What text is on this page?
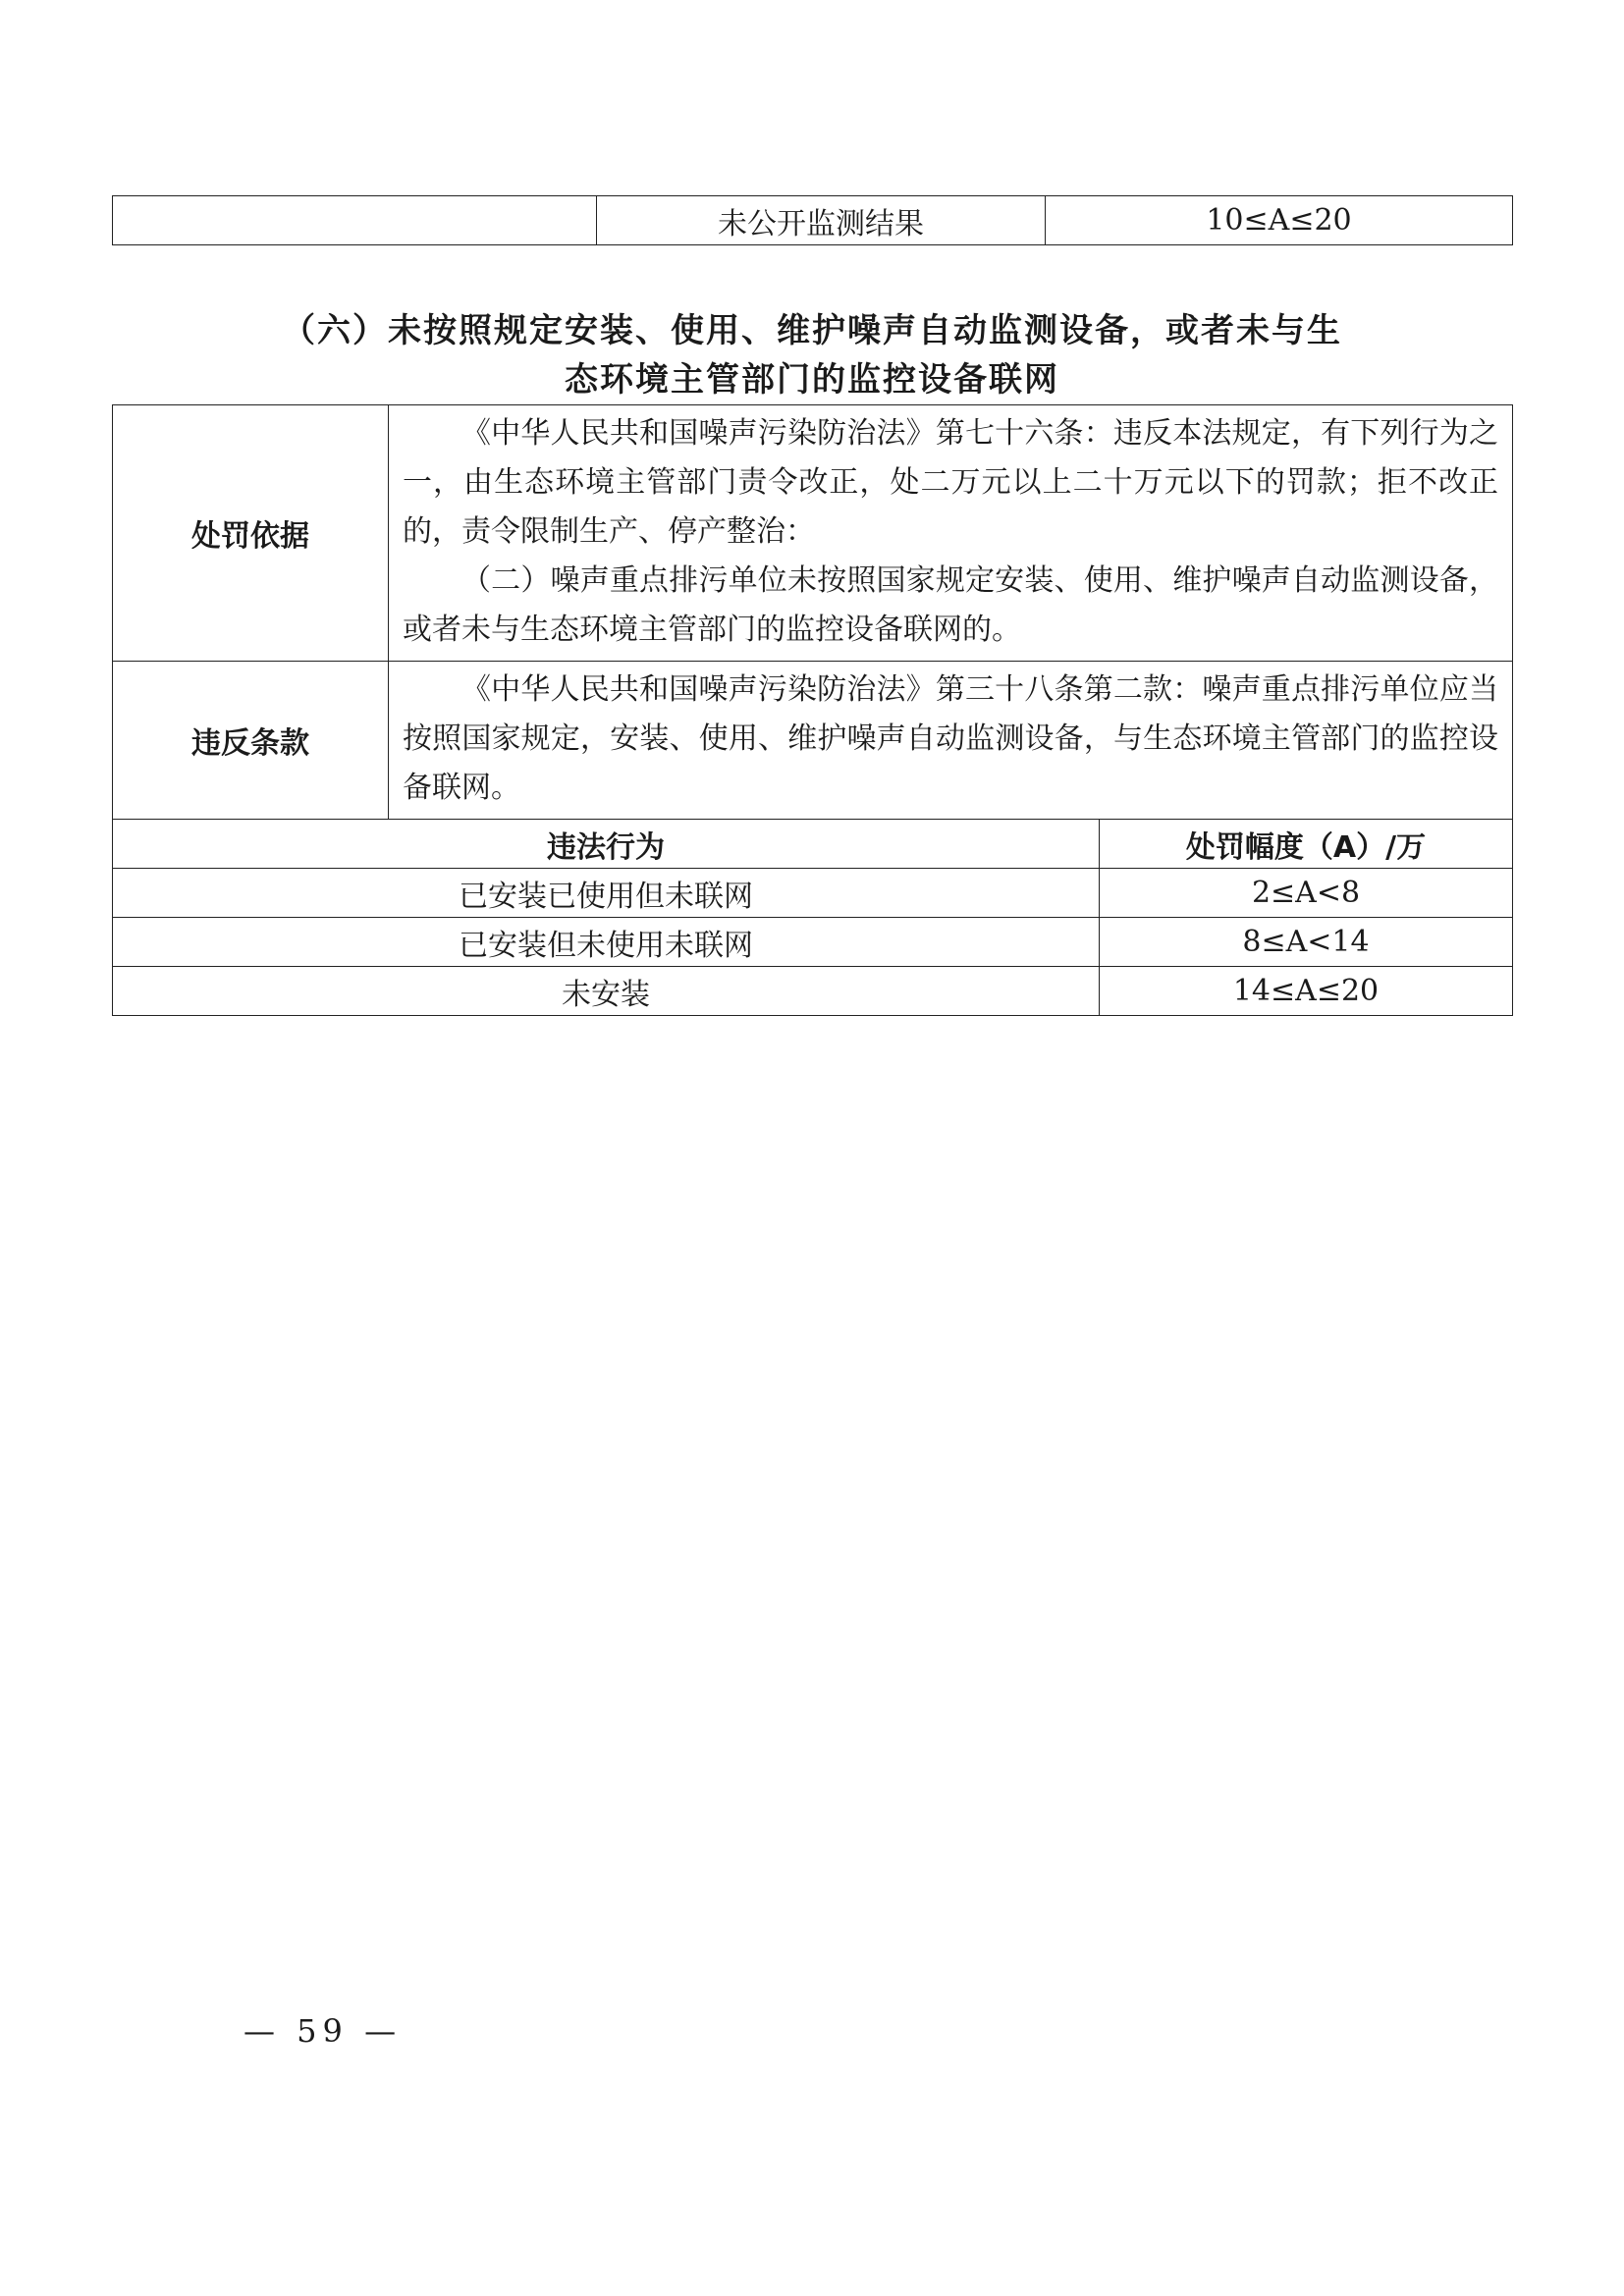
	未公开监测结果	10≤A≤20
（六）未按照规定安装、使用、维护噪声自动监测设备，或者未与生
态环境主管部门的监控设备联网
处罚依据	《中华人民共和国噪声污染防治法》第七十六条：违反本法规定，有下列行为之一，由生态环境主管部门责令改正，处二万元以上二十万元以下的罚款；拒不改正的，责令限制生产、停产整治：

（二）噪声重点排污单位未按照国家规定安装、使用、维护噪声自动监测设备，或者未与生态环境主管部门的监控设备联网的。	

违反条款	《中华人民共和国噪声污染防治法》第三十八条第二款：噪声重点排污单位应当按照国家规定，安装、使用、维护噪声自动监测设备，与生态环境主管部门的监控设备联网。	

违法行为		处罚幅度（A）/万
已安装已使用但未联网		2≤A<8
已安装但未使用未联网		8≤A<14
未安装		14≤A≤20
— 59 —
